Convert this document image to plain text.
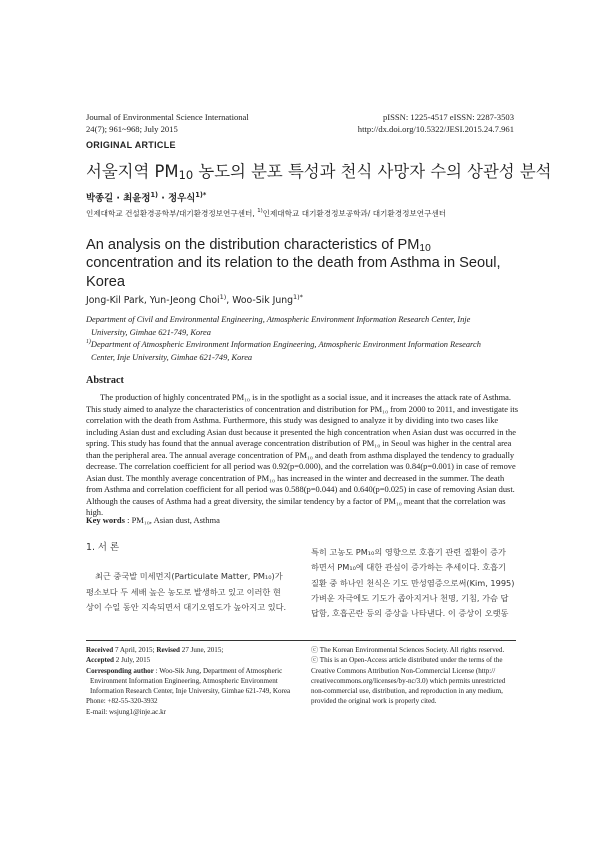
Journal of Environmental Science International
24(7); 961~968; July 2015
pISSN: 1225-4517 eISSN: 2287-3503
http://dx.doi.org/10.5322/JESI.2015.24.7.961
ORIGINAL ARTICLE
서울지역 $PM_{10}$ 농도의 분포 특성과 천식 사망자 수의 상관성 분석
박종길 · 최윤정$^{1)}$ · 정우식$^{1)*}$
인제대학교 건설환경공학부/대기환경정보연구센터, $^{1)}$인제대학교 대기환경정보공학과/ 대기환경정보연구센터
An analysis on the distribution characteristics of $PM_{10}$
concentration and its relation to the death from Asthma in Seoul,
Korea
Jong-Kil Park, Yun-Jeong Choi$^{1)}$, Woo-Sik Jung$^{1)*}$
Department of Civil and Environmental Engineering, Atmospheric Environment Information Research Center, Inje
University, Gimhae 621-749, Korea
$^{1)}$Department of Atmospheric Environment Information Engineering, Atmospheric Environment Information Research
Center, Inje University, Gimhae 621-749, Korea
Abstract
The production of highly concentrated PM₁₀ is in the spotlight as a social issue, and it increases the attack rate of Asthma.
This study aimed to analyze the characteristics of concentration and distribution for PM₁₀ from 2000 to 2011, and investigate its
correlation with the death from Asthma. Furthermore, this study was designed to analyze it by dividing into two cases like
including Asian dust and excluding Asian dust because it presented the high concentration when Asian dust was occurred in the
spring. This study has found that the annual average concentration distribution of PM₁₀ in Seoul was higher in the central area
than the peripheral area. The annual average concentration of PM₁₀ and death from asthma displayed the tendency to gradually
decrease. The correlation coefficient for all period was 0.92(p=0.000), and the correlation was 0.84(p=0.001) in case of remove
Asian dust. The monthly average concentration of PM₁₀ has increased in the winter and decreased in the summer. The death
from Asthma and correlation coefficient for all period was 0.588(p=0.044) and 0.640(p=0.025) in case of removing Asian dust.
Although the causes of Asthma had a great diversity, the similar tendency by a factor of PM₁₀ meant that the correlation was
high.
Key words : PM₁₀, Asian dust, Asthma
1. 서 론
최근 중국발 미세먼지(Particulate Matter, PM₁₀)가
평소보다 두 세배 높은 농도로 발생하고 있고 이러한 현
상이 수일 동안 지속되면서 대기오염도가 높아지고 있다.
특히 고농도 PM₁₀의 영향으로 호흡기 관련 질환이 증가
하면서 PM₁₀에 대한 관심이 증가하는 추세이다. 호흡기
질환 중 하나인 천식은 기도 만성염증으로써(Kim, 1995)
가벼운 자극에도 기도가 좁아지거나 천명, 기침, 가슴 답
답함, 호흡곤란 등의 증상을 나타낸다. 이 증상이 오랫동
Received 7 April, 2015; Revised 27 June, 2015;
Accepted 2 July, 2015
Corresponding author : Woo-Sik Jung, Department of Atmospheric
Environment Information Engineering, Atmospheric Environment
Information Research Center, Inje University, Gimhae 621-749, Korea
Phone: +82-55-320-3932
E-mail: wsjung1@inje.ac.kr
ⓒ The Korean Environmental Sciences Society. All rights reserved.
ⓒ This is an Open-Access article distributed under the terms of the
Creative Commons Attribution Non-Commercial License (http://
creativecommons.org/licenses/by-nc/3.0) which permits unrestricted
non-commercial use, distribution, and reproduction in any medium,
provided the original work is properly cited.
